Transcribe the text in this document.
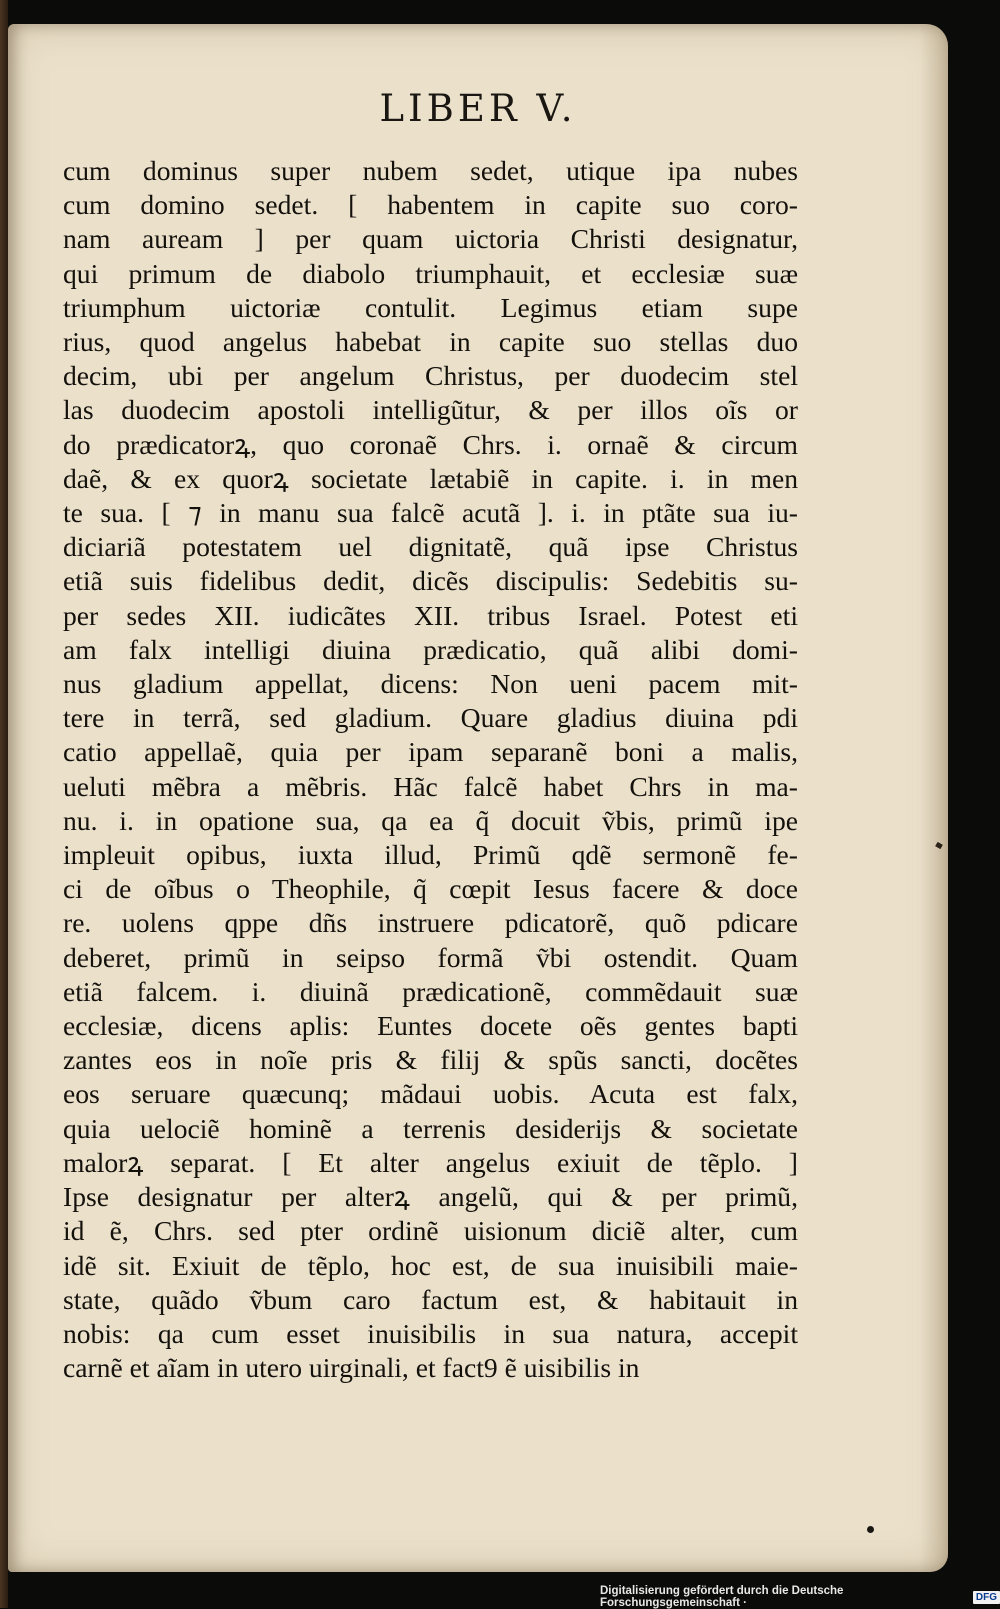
LIBER V.
cum dominus super nubem sedet, utique ipa nubes
cum domino sedet. [ habentem in capite suo coro-
nam auream ] per quam uictoria Christi designatur,
qui primum de diabolo triumphauit, et ecclesiæ suæ
triumphum uictoriæ contulit. Legimus etiam supe
rius, quod angelus habebat in capite suo stellas duo
decim, ubi per angelum Christus, per duodecim stel
las duodecim apostoli intelligũtur, & per illos oĩs or
do prædicatorꝝ, quo coronaẽ Chrs. i. ornaẽ & circum
daẽ, & ex quorꝝ societate lætabiẽ in capite. i. in men
te sua. [ ⁊ in manu sua falcẽ acutã ]. i. in ptãte sua iu-
diciariã potestatem uel dignitatẽ, quã ipse Christus
etiã suis fidelibus dedit, dicẽs discipulis: Sedebitis su-
per sedes XII. iudicãtes XII. tribus Israel. Potest eti
am falx intelligi diuina prædicatio, quã alibi domi-
nus gladium appellat, dicens: Non ueni pacem mit-
tere in terrã, sed gladium. Quare gladius diuina pdi
catio appellaẽ, quia per ipam separanẽ boni a malis,
ueluti mẽbra a mẽbris. Hãc falcẽ habet Chrs in ma-
nu. i. in opatione sua, qa ea q̃ docuit ṽbis, primũ ipe
impleuit opibus, iuxta illud, Primũ qdẽ sermonẽ fe-
ci de oĩbus o Theophile, q̃ cœpit Iesus facere & doce
re. uolens qppe dñs instruere pdicatorẽ, quõ pdicare
deberet, primũ in seipso formã ṽbi ostendit. Quam
etiã falcem. i. diuinã prædicationẽ, commẽdauit suæ
ecclesiæ, dicens aplis: Euntes docete oẽs gentes bapti
zantes eos in noĩe pris & filij & spũs sancti, docẽtes
eos seruare quæcunq; mãdaui uobis. Acuta est falx,
quia uelociẽ hominẽ a terrenis desiderijs & societate
malorꝝ separat. [ Et alter angelus exiuit de tẽplo. ]
Ipse designatur per alterꝝ angelũ, qui & per primũ,
id ẽ, Chrs. sed pter ordinẽ uisionum diciẽ alter, cum
idẽ sit. Exiuit de tẽplo, hoc est, de sua inuisibili maie-
state, quãdo ṽbum caro factum est, & habitauit in
nobis: qa cum esset inuisibilis in sua natura, accepit
carnẽ et aĩam in utero uirginali, et fact9 ẽ uisibilis in
Digitalisierung gefördert durch die Deutsche Forschungsgemeinschaft ·	DFG
